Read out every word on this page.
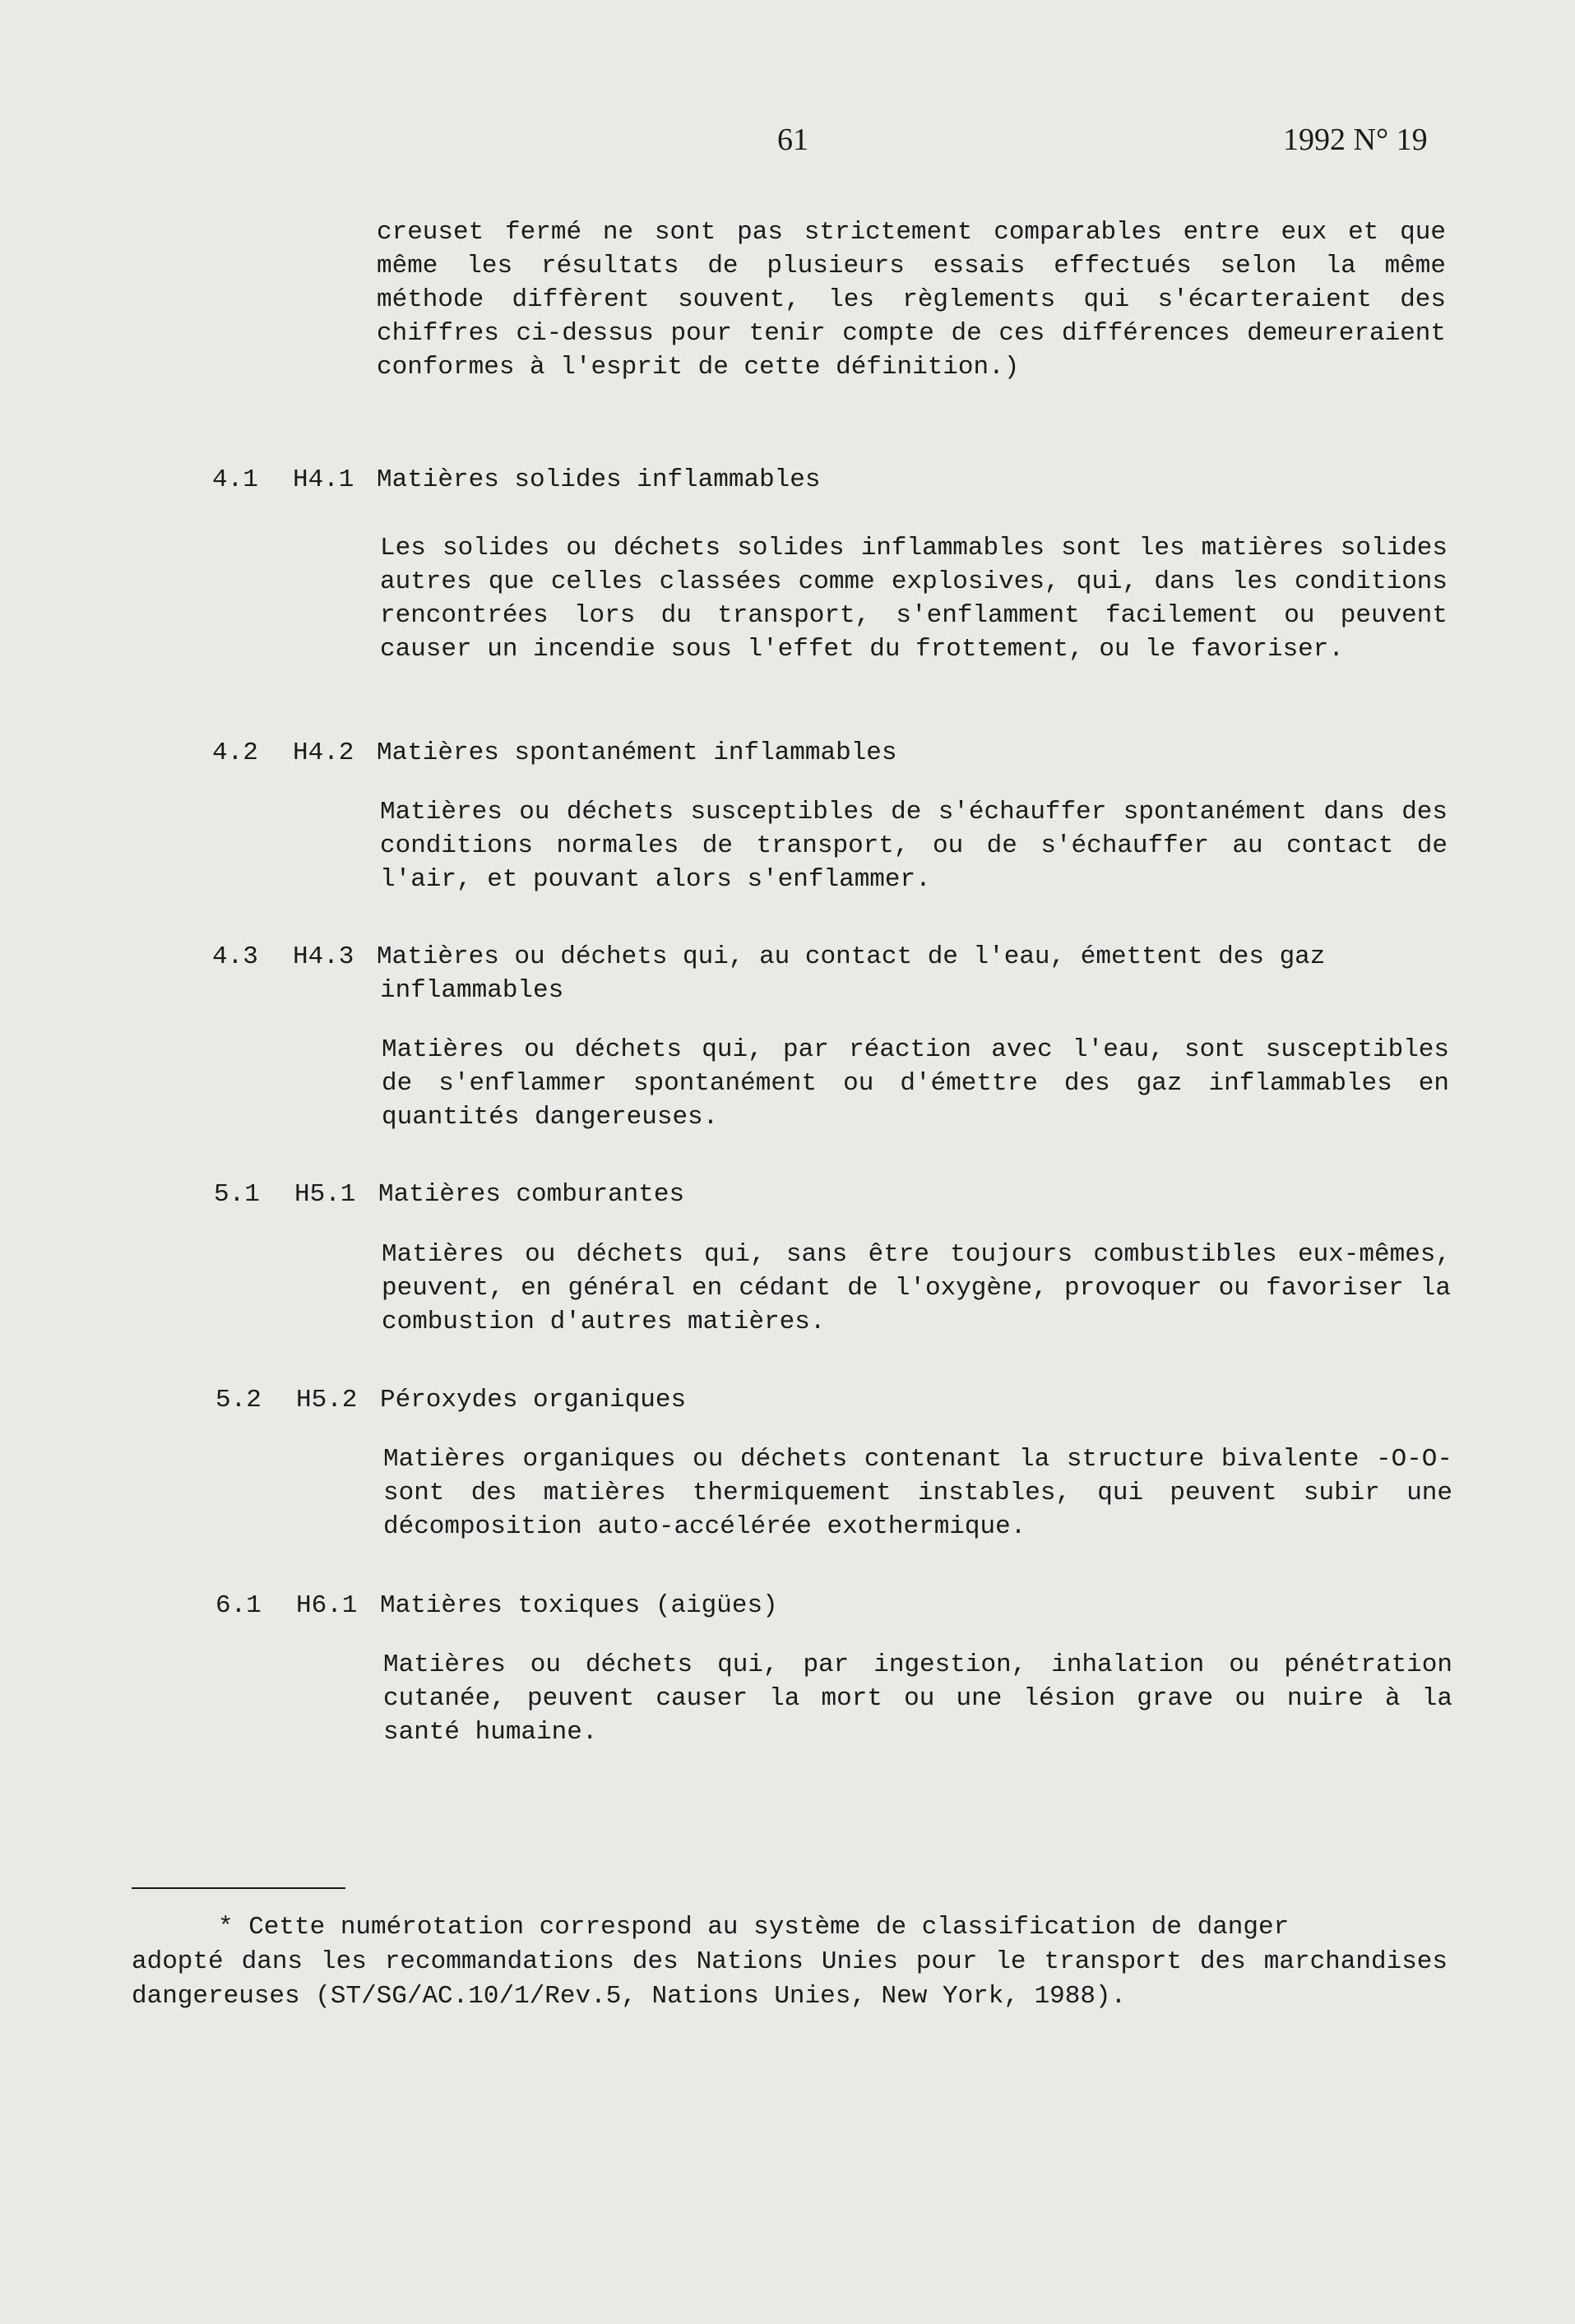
61	1992 N° 19
creuset fermé ne sont pas strictement comparables entre eux et que même les résultats de plusieurs essais effectués selon la même méthode diffèrent souvent, les règlements qui s'écarteraient des chiffres ci-dessus pour tenir compte de ces différences demeureraient conformes à l'esprit de cette définition.)
4.1 H4.1 Matières solides inflammables
Les solides ou déchets solides inflammables sont les matières solides autres que celles classées comme explosives, qui, dans les conditions rencontrées lors du transport, s'enflamment facilement ou peuvent causer un incendie sous l'effet du frottement, ou le favoriser.
4.2 H4.2 Matières spontanément inflammables
Matières ou déchets susceptibles de s'échauffer spontanément dans des conditions normales de transport, ou de s'échauffer au contact de l'air, et pouvant alors s'enflammer.
4.3 H4.3 Matières ou déchets qui, au contact de l'eau, émettent des gaz
inflammables
Matières ou déchets qui, par réaction avec l'eau, sont susceptibles de s'enflammer spontanément ou d'émettre des gaz inflammables en quantités dangereuses.
5.1 H5.1 Matières comburantes
Matières ou déchets qui, sans être toujours combustibles eux-mêmes, peuvent, en général en cédant de l'oxygène, provoquer ou favoriser la combustion d'autres matières.
5.2 H5.2 Péroxydes organiques
Matières organiques ou déchets contenant la structure bivalente -O-O- sont des matières thermiquement instables, qui peuvent subir une décomposition auto-accélérée exothermique.
6.1 H6.1 Matières toxiques (aigües)
Matières ou déchets qui, par ingestion, inhalation ou pénétration cutanée, peuvent causer la mort ou une lésion grave ou nuire à la santé humaine.
* Cette numérotation correspond au système de classification de danger
adopté dans les recommandations des Nations Unies pour le transport des marchandises dangereuses (ST/SG/AC.10/1/Rev.5, Nations Unies, New York, 1988).
